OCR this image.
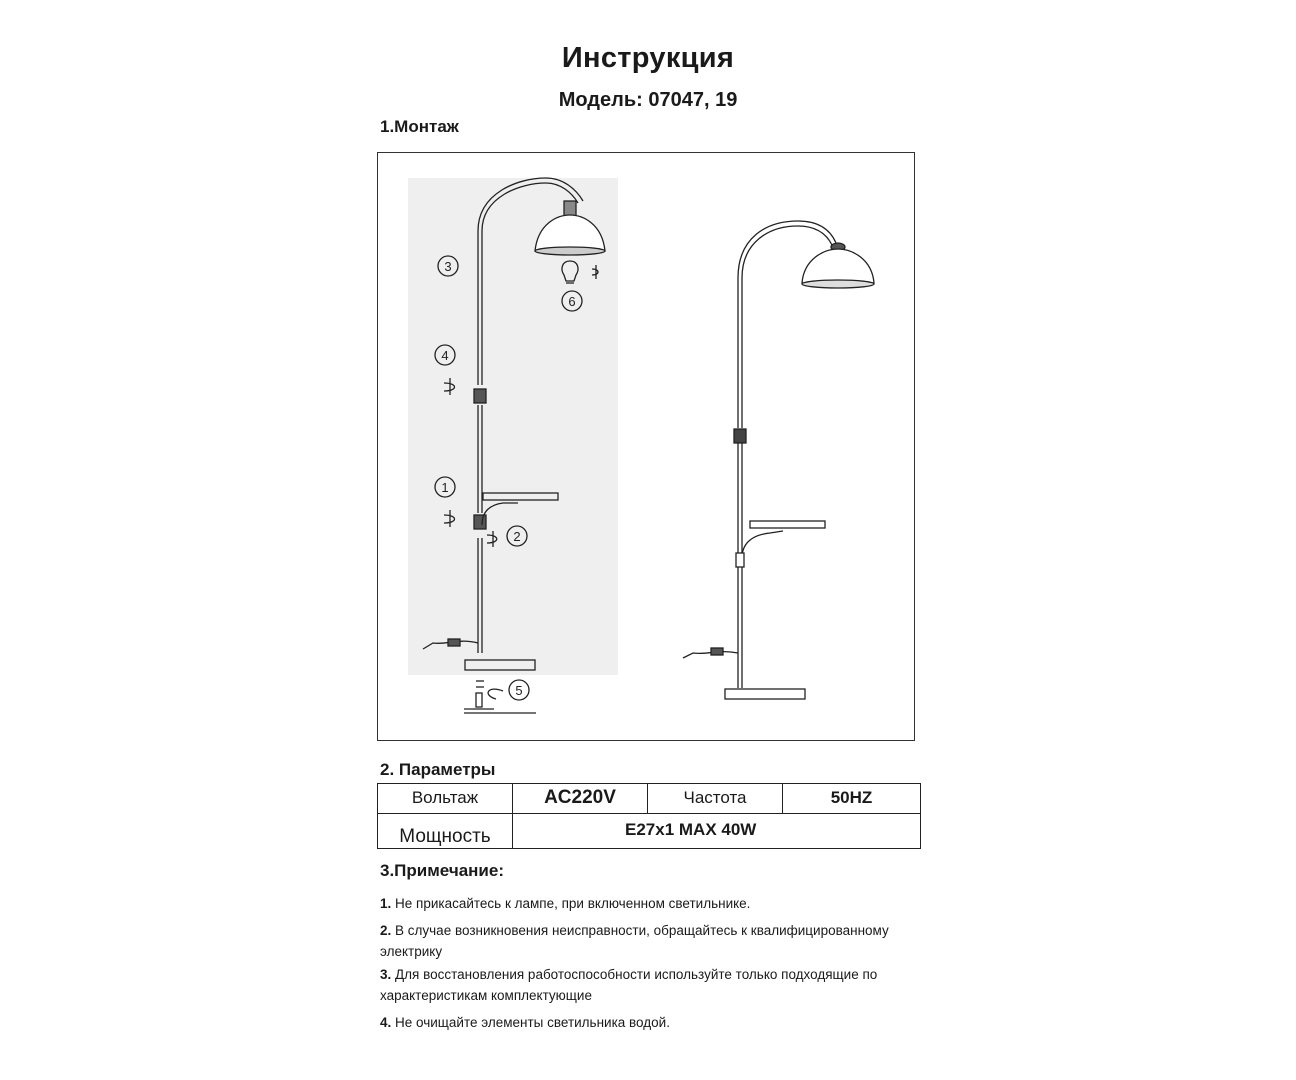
Инструкция
Модель: 07047, 19
1.Монтаж
1
2
3
4
5
6
2. Параметры
Вольтаж	AC220V	Частота	50HZ
Мощность	E27x1 MAX 40W		
3.Примечание:

1. Не прикасайтесь к лампе, при включенном светильнике.

2. В случае возникновения неисправности, обращайтесь к квалифицированному электрику

3. Для восстановления работоспособности используйте только подходящие по характеристикам комплектующие

4. Не очищайте элементы светильника водой.
